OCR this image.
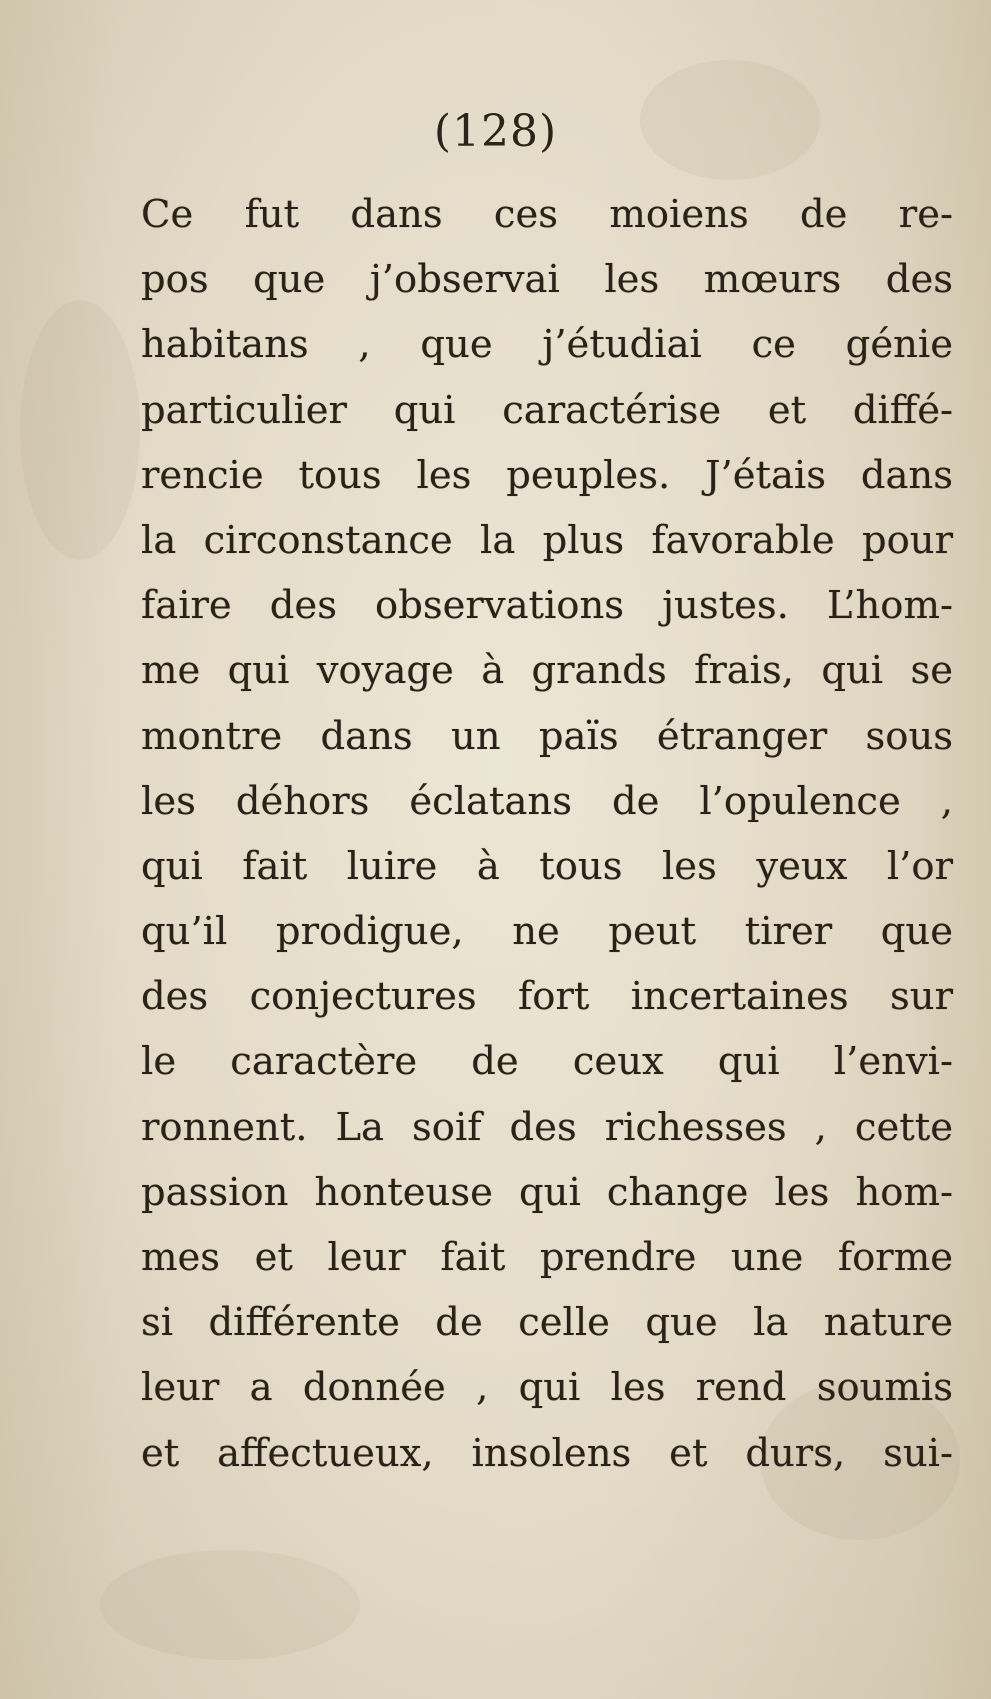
(128)
Ce fut dans ces moiens de re-
pos que j’observai les mœurs des
habitans , que j’étudiai ce génie
particulier qui caractérise et diffé-
rencie tous les peuples. J’étais dans
la circonstance la plus favorable pour
faire des observations justes. L’hom-
me qui voyage à grands frais, qui se
montre dans un païs étranger sous
les déhors éclatans de l’opulence ,
qui fait luire à tous les yeux l’or
qu’il prodigue, ne peut tirer que
des conjectures fort incertaines sur
le caractère de ceux qui l’envi-
ronnent. La soif des richesses , cette
passion honteuse qui change les hom-
mes et leur fait prendre une forme
si différente de celle que la nature
leur a donnée , qui les rend soumis
et affectueux, insolens et durs, sui-
